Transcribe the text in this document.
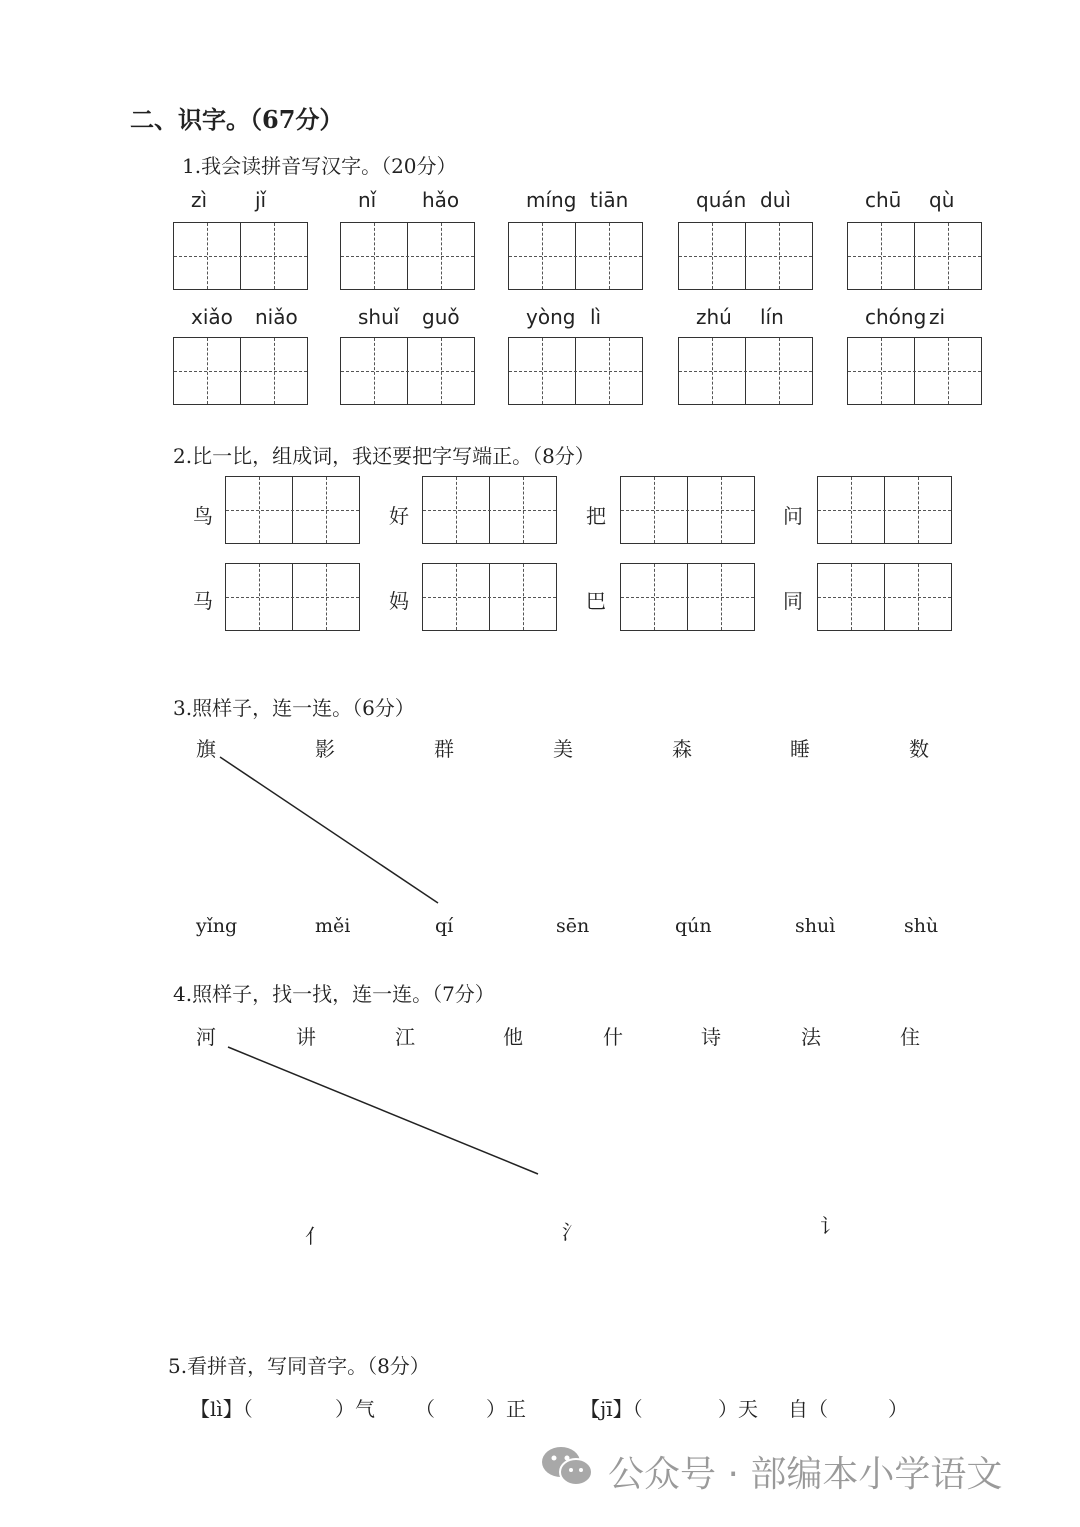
二、识字。（67分）
1.我会读拼音写汉字。（20分）
zì jǐ	nǐ hǎo	míng tiān	quán duì	chū qù
xiǎo niǎo	shuǐ guǒ	yòng lì	zhú lín	chóng zi
2.比一比，组成词，我还要把字写端正。（8分）
鸟	好	把	问
马	妈	巴	同
3.照样子，连一连。（6分）
旗	影	群	美	森	睡	数
yǐng	měi	qí	sēn	qún	shuì	shù
4.照样子，找一找，连一连。（7分）
河	讲	江	他	什	诗	法	住
亻	氵	讠
5.看拼音，写同音字。（8分）
【lì】（	）气 （	）正	【jī】（	）天 自（	）
公众号 · 部编本小学语文
